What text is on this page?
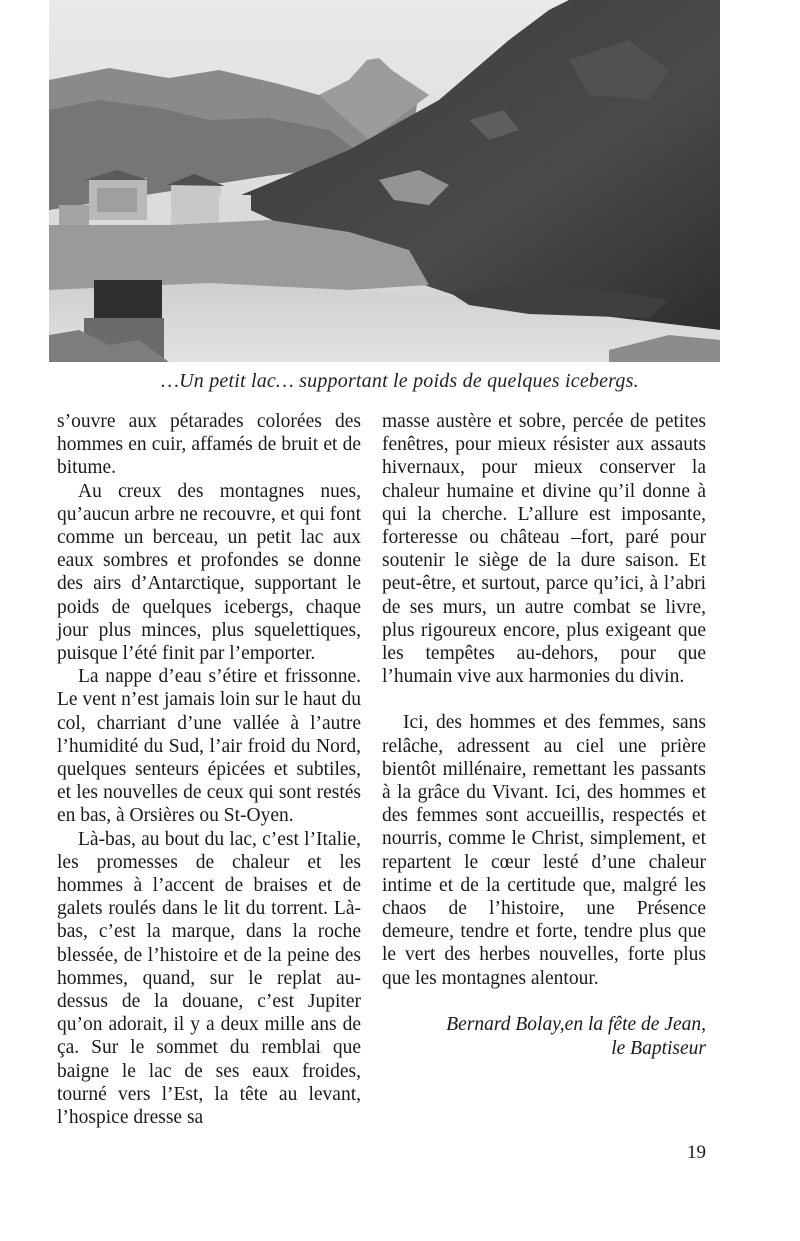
…Un petit lac… supportant le poids de quelques icebergs.

s’ouvre aux pétarades colorées des hommes en cuir, affamés de bruit et de bitume.

Au creux des montagnes nues, qu’aucun arbre ne recouvre, et qui font comme un berceau, un petit lac aux eaux sombres et profondes se donne des airs d’Antarctique, supportant le poids de quelques icebergs, chaque jour plus minces, plus squelettiques, puisque l’été finit par l’emporter.

La nappe d’eau s’étire et frissonne. Le vent n’est jamais loin sur le haut du col, charriant d’une vallée à l’autre l’humidité du Sud, l’air froid du Nord, quelques senteurs épicées et subtiles, et les nouvelles de ceux qui sont restés en bas, à Orsières ou St-Oyen.

Là-bas, au bout du lac, c’est l’Italie, les promesses de chaleur et les hommes à l’accent de braises et de galets roulés dans le lit du torrent. Là-bas, c’est la marque, dans la roche blessée, de l’histoire et de la peine des hommes, quand, sur le replat au-dessus de la douane, c’est Jupiter qu’on adorait, il y a deux mille ans de ça. Sur le sommet du remblai que baigne le lac de ses eaux froides, tourné vers l’Est, la tête au levant, l’hospice dresse sa

masse austère et sobre, percée de petites fenêtres, pour mieux résister aux assauts hivernaux, pour mieux conserver la chaleur humaine et divine qu’il donne à qui la cherche. L’allure est imposante, forteresse ou château –fort, paré pour soutenir le siège de la dure saison. Et peut-être, et surtout, parce qu’ici, à l’abri de ses murs, un autre combat se livre, plus rigoureux encore, plus exigeant que les tempêtes au-dehors, pour que l’humain vive aux harmonies du divin.

Ici, des hommes et des femmes, sans relâche, adressent au ciel une prière bientôt millénaire, remettant les passants à la grâce du Vivant. Ici, des hommes et des femmes sont accueillis, respectés et nourris, comme le Christ, simplement, et repartent le cœur lesté d’une chaleur intime et de la certitude que, malgré les chaos de l’histoire, une Présence demeure, tendre et forte, tendre plus que le vert des herbes nouvelles, forte plus que les montagnes alentour.

Bernard Bolay,en la fête de Jean,
le Baptiseur
19
